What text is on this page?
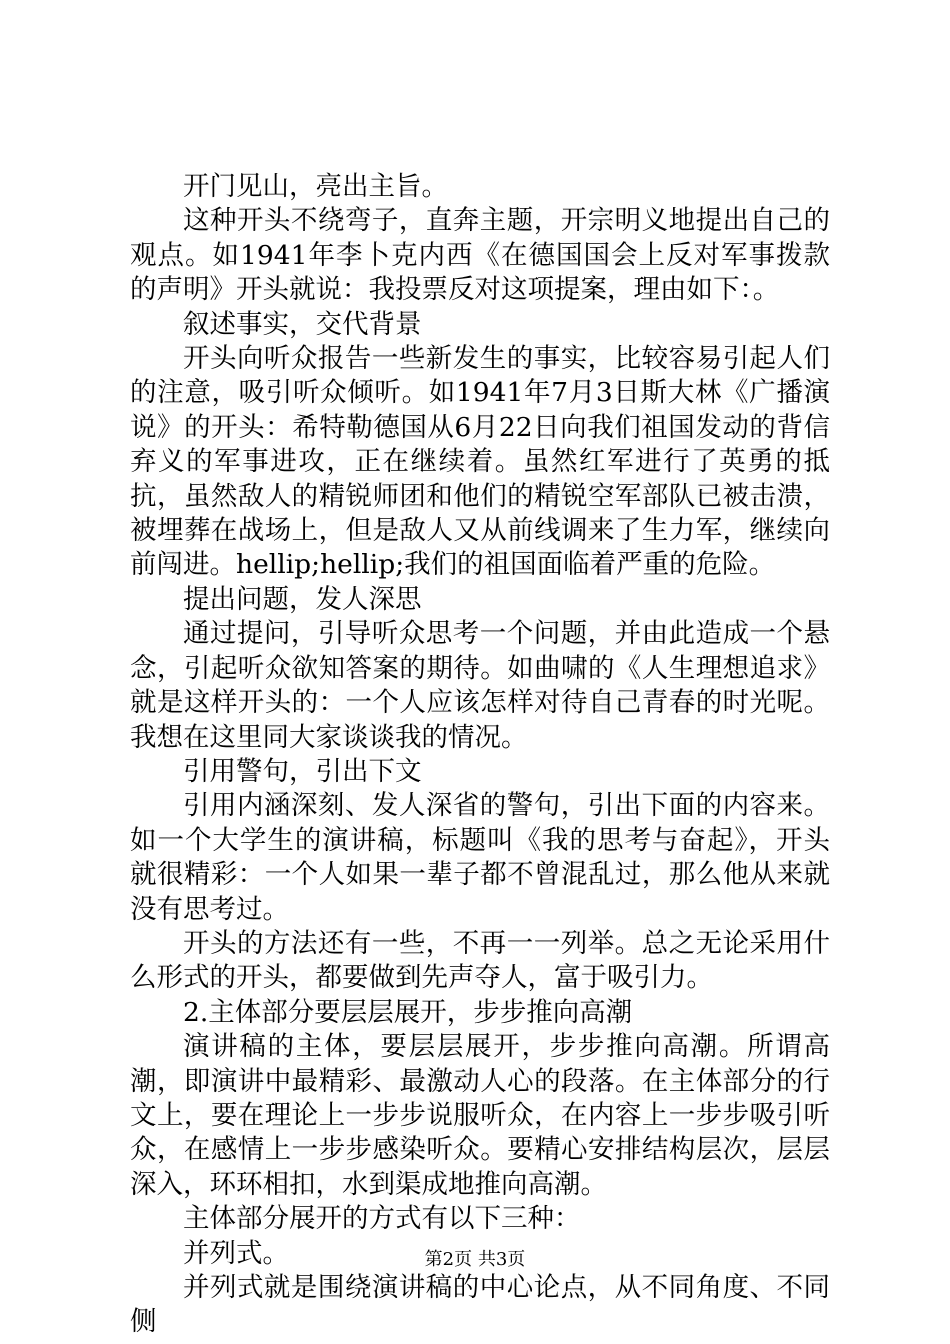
开门见山，亮出主旨。

这种开头不绕弯子，直奔主题，开宗明义地提出自己的观点。如1941年李卜克内西《在德国国会上反对军事拨款的声明》开头就说：我投票反对这项提案，理由如下：。

叙述事实，交代背景

开头向听众报告一些新发生的事实，比较容易引起人们的注意，吸引听众倾听。如1941年7月3日斯大林《广播演说》的开头：希特勒德国从6月22日向我们祖国发动的背信弃义的军事进攻，正在继续着。虽然红军进行了英勇的抵抗，虽然敌人的精锐师团和他们的精锐空军部队已被击溃，被埋葬在战场上，但是敌人又从前线调来了生力军，继续向前闯进。hellip;hellip;我们的祖国面临着严重的危险。

提出问题，发人深思

通过提问，引导听众思考一个问题，并由此造成一个悬念，引起听众欲知答案的期待。如曲啸的《人生理想追求》就是这样开头的：一个人应该怎样对待自己青春的时光呢。我想在这里同大家谈谈我的情况。

引用警句，引出下文

引用内涵深刻、发人深省的警句，引出下面的内容来。如一个大学生的演讲稿，标题叫《我的思考与奋起》，开头就很精彩：一个人如果一辈子都不曾混乱过，那么他从来就没有思考过。

开头的方法还有一些，不再一一列举。总之无论采用什么形式的开头，都要做到先声夺人，富于吸引力。

2.主体部分要层层展开，步步推向高潮

演讲稿的主体，要层层展开，步步推向高潮。所谓高潮，即演讲中最精彩、最激动人心的段落。在主体部分的行文上，要在理论上一步步说服听众，在内容上一步步吸引听众，在感情上一步步感染听众。要精心安排结构层次，层层深入，环环相扣，水到渠成地推向高潮。

主体部分展开的方式有以下三种：

并列式。

并列式就是围绕演讲稿的中心论点，从不同角度、不同侧

第2页 共3页
